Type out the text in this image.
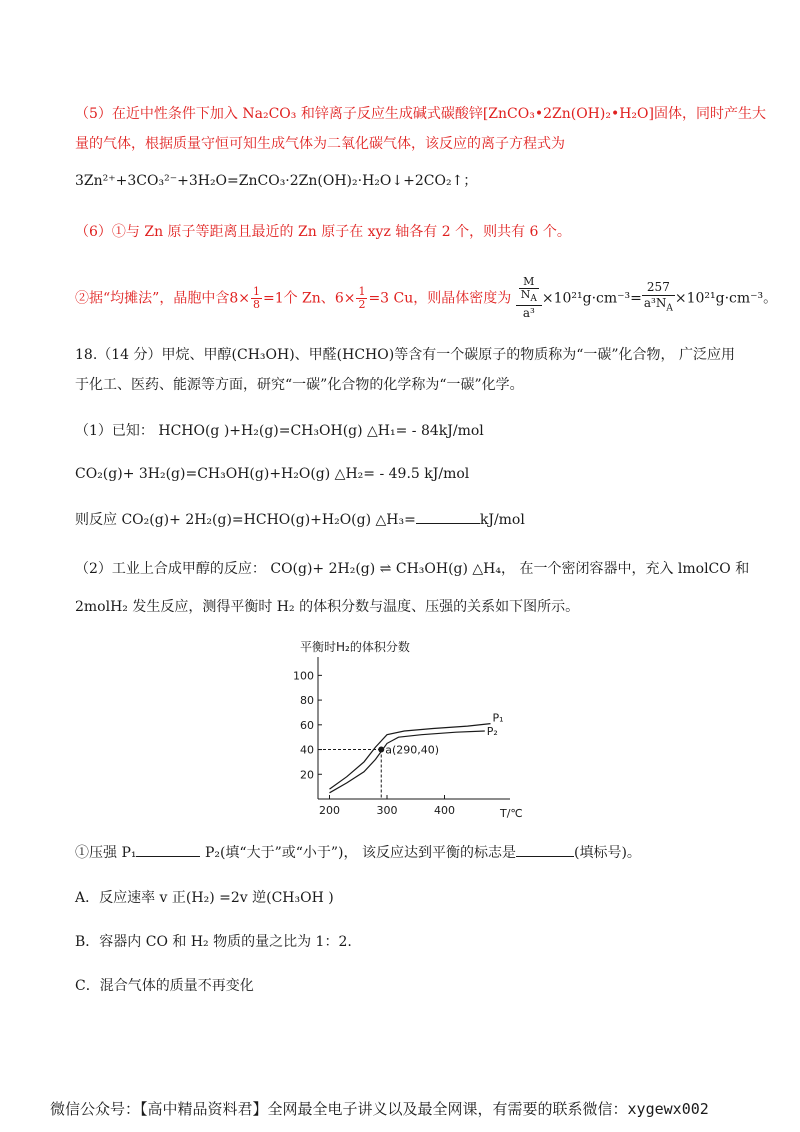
（5）在近中性条件下加入 Na₂CO₃ 和锌离子反应生成碱式碳酸锌[ZnCO₃•2Zn(OH)₂•H₂O]固体，同时产生大
量的气体，根据质量守恒可知生成气体为二氧化碳气体，该反应的离子方程式为
3Zn²⁺+3CO₃²⁻+3H₂O=ZnCO₃·2Zn(OH)₂·H₂O↓+2CO₂↑；
（6）①与 Zn 原子等距离且最近的 Zn 原子在 xyz 轴各有 2 个，则共有 6 个。
②据“均摊法”，晶胞中含$8\times \frac{1}{8} =1$个 Zn、$6\times \frac{1}{2} =3$ Cu，则晶体密度为 $\frac{\frac{M}{N_A}}{\text{a³}} \times 10^{21}g\cdot cm^{-3}= \frac{257}{a^3N_A} \times 10^{21}g\cdot cm^{-3}$。
18.（14 分）甲烷、甲醇(CH₃OH)、甲醛(HCHO)等含有一个碳原子的物质称为“一碳”化合物， 广泛应用
于化工、医药、能源等方面，研究“一碳”化合物的化学称为“一碳”化学。
（1）已知： HCHO(g )+H₂(g)=CH₃OH(g) △H₁= - 84kJ/mol
CO₂(g)+ 3H₂(g)=CH₃OH(g)+H₂O(g) △H₂= - 49.5 kJ/mol
则反应 CO₂(g)+ 2H₂(g)=HCHO(g)+H₂O(g) △H₃=	kJ/mol
（2）工业上合成甲醇的反应： CO(g)+ 2H₂(g) ⇌ CH₃OH(g) △H₄， 在一个密闭容器中，充入 lmolCO 和
2molH₂ 发生反应，测得平衡时 H₂ 的体积分数与温度、压强的关系如下图所示。
平衡时H₂的体积分数
20
40
60
80
100
200	300	400	T/℃
P₁
P₂
a(290,40)
①压强 P₁	P₂(填“大于”或“小于”)， 该反应达到平衡的标志是	(填标号)。
A．反应速率 v 正(H₂) =2v 逆(CH₃OH )
B．容器内 CO 和 H₂ 物质的量之比为 1：2.
C．混合气体的质量不再变化
微信公众号：【高中精品资料君】全网最全电子讲义以及最全网课，有需要的联系微信：xygewx002
